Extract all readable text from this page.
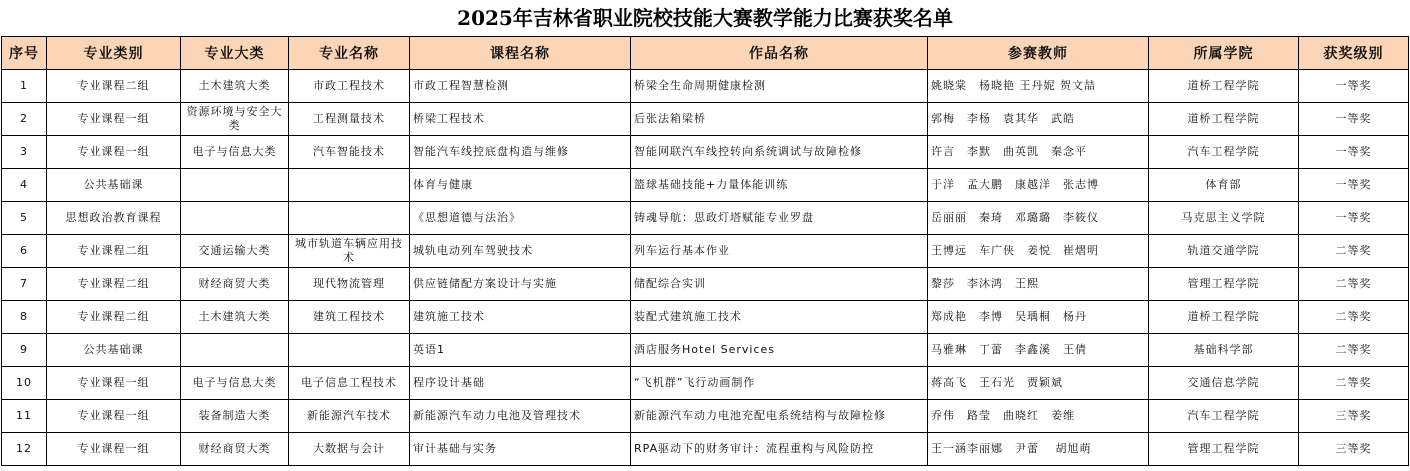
2025年吉林省职业院校技能大赛教学能力比赛获奖名单
序号	专业类别	专业大类	专业名称	课程名称	作品名称	参赛教师	所属学院	获奖级别
1	专业课程二组	土木建筑大类	市政工程技术	市政工程智慧检测	桥梁全生命周期健康检测	姚晓棠　杨晓艳 王丹妮 贺文喆	道桥工程学院	一等奖
2	专业课程一组	资源环境与安全大类	工程测量技术	桥梁工程技术	后张法箱梁桥	郭梅　李杨　袁其华　武皓	道桥工程学院	一等奖
3	专业课程一组	电子与信息大类	汽车智能技术	智能汽车线控底盘构造与维修	智能网联汽车线控转向系统调试与故障检修	许言　李默　曲英凯　秦念平	汽车工程学院	一等奖
4	公共基础课			体育与健康	篮球基础技能+力量体能训练	于洋　孟大鹏　康越洋　张志博	体育部	一等奖
5	思想政治教育课程			《思想道德与法治》	铸魂导航：思政灯塔赋能专业罗盘	岳丽丽　秦琦　邓璐璐　李筱仪	马克思主义学院	一等奖
6	专业课程二组	交通运输大类	城市轨道车辆应用技术	城轨电动列车驾驶技术	列车运行基本作业	王博远　车广侠　姜悦　崔熠明	轨道交通学院	二等奖
7	专业课程二组	财经商贸大类	现代物流管理	供应链储配方案设计与实施	储配综合实训	黎莎　李沐鸿　王熙	管理工程学院	二等奖
8	专业课程二组	土木建筑大类	建筑工程技术	建筑施工技术	装配式建筑施工技术	郑成艳　李博　吴瑀桐　杨丹	道桥工程学院	二等奖
9	公共基础课			英语1	酒店服务Hotel Services	马雅琳　丁蕾　李鑫溪　王倩	基础科学部	二等奖
10	专业课程一组	电子与信息大类	电子信息工程技术	程序设计基础	“飞机群”飞行动画制作	蒋高飞　王石光　贾颖斌	交通信息学院	二等奖
11	专业课程一组	装备制造大类	新能源汽车技术	新能源汽车动力电池及管理技术	新能源汽车动力电池充配电系统结构与故障检修	乔伟　路莹　曲晓红　姜维	汽车工程学院	三等奖
12	专业课程一组	财经商贸大类	大数据与会计	审计基础与实务	RPA驱动下的财务审计：流程重构与风险防控	王一涵李丽娜　尹蕾　 胡旭萌	管理工程学院	三等奖
